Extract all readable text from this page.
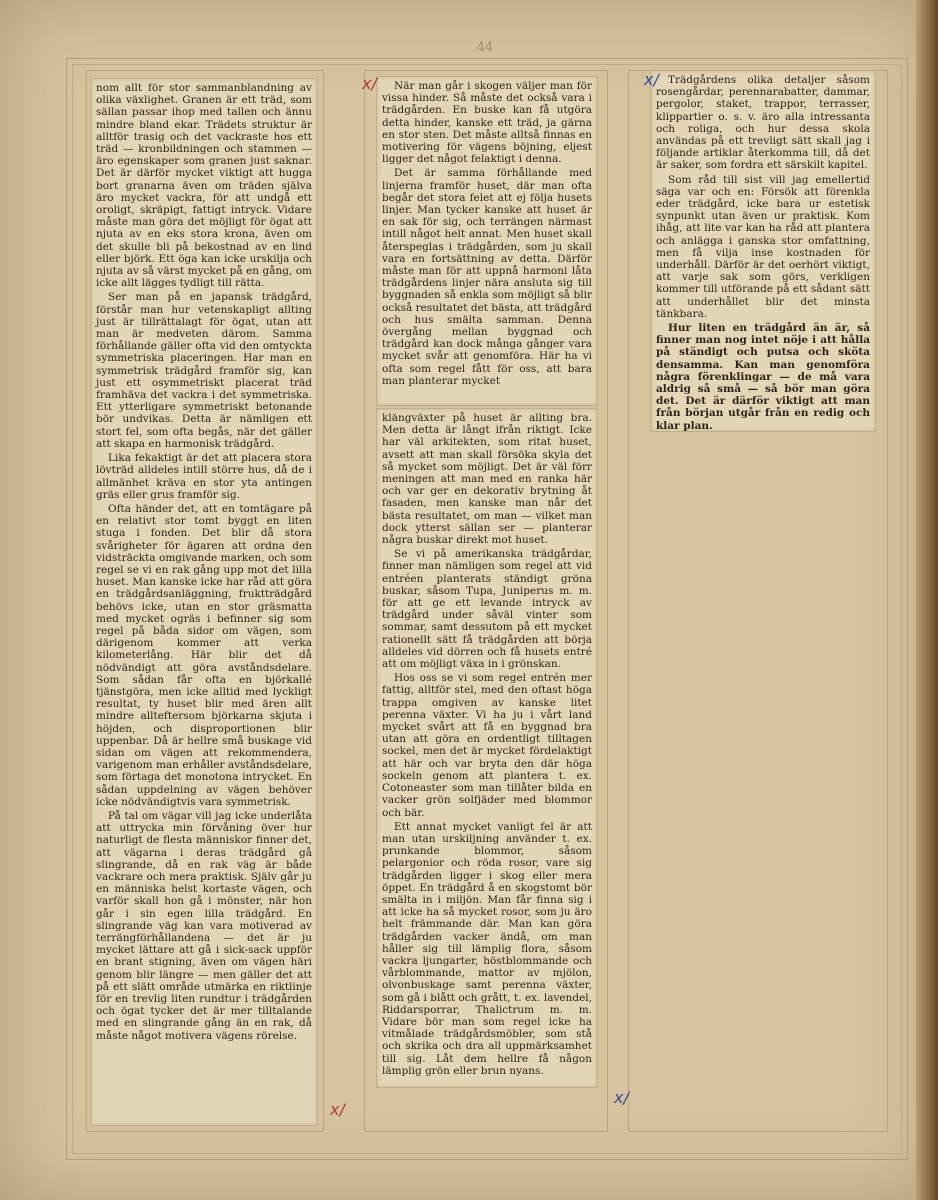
44

nom allt för stor sammanblandning av olika växlighet. Granen är ett träd, som sällan passar ihop med tallen och ännu mindre bland ekar. Trädets struktur är alltför trasig och det vackraste hos ett träd — kronbildningen och stammen — äro egenskaper som granen just saknar. Det är därför mycket viktigt att hugga bort granarna även om träden själva äro mycket vackra, för att undgå ett oroligt, skräpigt, fattigt intryck. Vidare måste man göra det möjligt för ögat att njuta av en eks stora krona, även om det skulle bli på bekostnad av en lind eller björk. Ett öga kan icke urskilja och njuta av så värst mycket på en gång, om icke allt lägges tydligt till rätta.

Ser man på en japansk trädgård, förstår man hur vetenskapligt allting just är tillrättalagt för ögat, utan att man är medveten därom. Samma förhållande gäller ofta vid den omtyckta symmetriska placeringen. Har man en symmetrisk trädgård framför sig, kan just ett osymmetriskt placerat träd framhäva det vackra i det symmetriska. Ett ytterligare symmetriskt betonande bör undvikas. Detta är nämligen ett stort fel, som ofta begås, när det gäller att skapa en harmonisk trädgård.

Lika fekaktigt är det att placera stora lövträd alldeles intill större hus, då de i allmänhet kräva en stor yta antingen gräs eller grus framför sig.

Ofta händer det, att en tomtägare på en relativt stor tomt byggt en liten stuga i fonden. Det blir då stora svårigheter för ägaren att ordna den vidsträckta omgivande marken, och som regel se vi en rak gång upp mot det lilla huset. Man kanske icke har råd att göra en trädgårdsanläggning, fruktträdgård behövs icke, utan en stor gräsmatta med mycket ogräs i befinner sig som regel på båda sidor om vägen, som därigenom kommer att verka kilometerlång. Här blir det då nödvändigt att göra avståndsdelare. Som sådan får ofta en björkallé tjänstgöra, men icke alltid med lyckligt resultat, ty huset blir med ären allt mindre allteftersom björkarna skjuta i höjden, och disproportionen blir uppenbar. Då är hellre små buskage vid sidan om vägen att rekommendera, varigenom man erhåller avståndsdelare, som förtaga det monotona intrycket. En sådan uppdelning av vägen behöver icke nödvändigtvis vara symmetrisk.

På tal om vägar vill jag icke underlåta att uttrycka min förvåning över hur naturligt de flesta människor finner det, att vägarna i deras trädgård gå slingrande, då en rak väg är både vackrare och mera praktisk. Själv går ju en människa helst kortaste vägen, och varför skall hon gå i mönster, när hon går i sin egen lilla trädgård. En slingrande väg kan vara motiverad av terrängförhållandena — det är ju mycket lättare att gå i sick-sack uppför en brant stigning, även om vägen häri genom blir längre — men gäller det att på ett slätt område utmärka en riktlinje för en trevlig liten rundtur i trädgården och ögat tycker det är mer tilltalande med en slingrande gång än en rak, då måste något motivera vägens rörelse.

När man går i skogen väljer man för vissa hinder. Så måste det också vara i trädgården. En buske kan få utgöra detta hinder, kanske ett träd, ja gärna en stor sten. Det måste alltså finnas en motivering för vägens böjning, eljest ligger det något felaktigt i denna.

Det är samma förhållande med linjerna framför huset, där man ofta begår det stora felet att ej följa husets linjer. Man tycker kanske att huset är en sak för sig, och terrängen närmast intill något helt annat. Men huset skall återspeglas i trädgården, som ju skall vara en fortsättning av detta. Därför måste man för att uppnå harmoni låta trädgårdens linjer nära ansluta sig till byggnaden så enkla som möjligt så blir också resultatet det bästa, att trädgård och hus smälta samman. Denna övergång mellan byggnad och trädgård kan dock många gånger vara mycket svår att genomföra. Här ha vi ofta som regel fått för oss, att bara man planterar mycket

klängväxter på huset är allting bra. Men detta är långt ifrån riktigt. Icke har väl arkitekten, som ritat huset, avsett att man skall försöka skyla det så mycket som möjligt. Det är väl förr meningen att man med en ranka här och var ger en dekorativ brytning åt fasaden, men kanske man når det bästa resultatet, om man — vilket man dock ytterst sällan ser — planterar några buskar direkt mot huset.

Se vi på amerikanska trädgårdar, finner man nämligen som regel att vid entréen planterats ständigt gröna buskar, såsom Tupa, Juniperus m. m. för att ge ett levande intryck av trädgård under såväl vinter som sommar, samt dessutom på ett mycket rationellt sätt få trädgården att börja alldeles vid dörren och få husets entré att om möjligt växa in i grönskan.

Hos oss se vi som regel entrén mer fattig, alltför stel, med den oftast höga trappa omgiven av kanske litet perenna växter. Vi ha ju i vårt land mycket svårt att få en byggnad bra utan att göra en ordentligt tilltagen sockel, men det är mycket fördelaktigt att här och var bryta den där höga sockeln genom att plantera t. ex. Cotoneaster som man tillåter bilda en vacker grön solfjäder med blommor och bär.

Ett annat mycket vanligt fel är att man utan urskiljning använder t. ex. prunkande blommor, såsom pelargonior och röda rosor, vare sig trädgården ligger i skog eller mera öppet. En trädgård å en skogstomt bör smälta in i miljön. Man får finna sig i att icke ha så mycket rosor, som ju äro helt främmande där. Man kan göra trädgården vacker ändå, om man håller sig till lämplig flora, såsom vackra ljungarter, höstblommande och vårblommande, mattor av mjölon, olvonbuskage samt perenna växter, som gå i blått och grått, t. ex. lavendel, Riddarsporrar, Thalictrum m. m. Vidare bör man som regel icke ha vitmålade trädgårdsmöbler, som stå och skrika och dra all uppmärksamhet till sig. Låt dem hellre få någon lämplig grön eller brun nyans.

Trädgårdens olika detaljer såsom rosengårdar, perennarabatter, dammar, pergolor, staket, trappor, terrasser, klippartier o. s. v. äro alla intressanta och roliga, och hur dessa skola användas på ett trevligt sätt skall jag i följande artiklar återkomma till, då det är saker, som fordra ett särskilt kapitel.

Som råd till sist vill jag emellertid säga var och en: Försök att förenkla eder trädgård, icke bara ur estetisk synpunkt utan även ur praktisk. Kom ihåg, att lite var kan ha råd att plantera och anlägga i ganska stor omfattning, men få vilja inse kostnaden för underhåll. Därför är det oerhört viktigt, att varje sak som görs, verkligen kommer till utförande på ett sådant sätt att underhållet blir det minsta tänkbara.

Hur liten en trädgård än är, så finner man nog intet nöje i att hålla på ständigt och putsa och sköta densamma. Kan man genomföra några förenklingar — de må vara aldrig så små — så bör man göra det. Det är därför viktigt att man från början utgår från en redig och klar plan.

x/	x/
x/
x/
